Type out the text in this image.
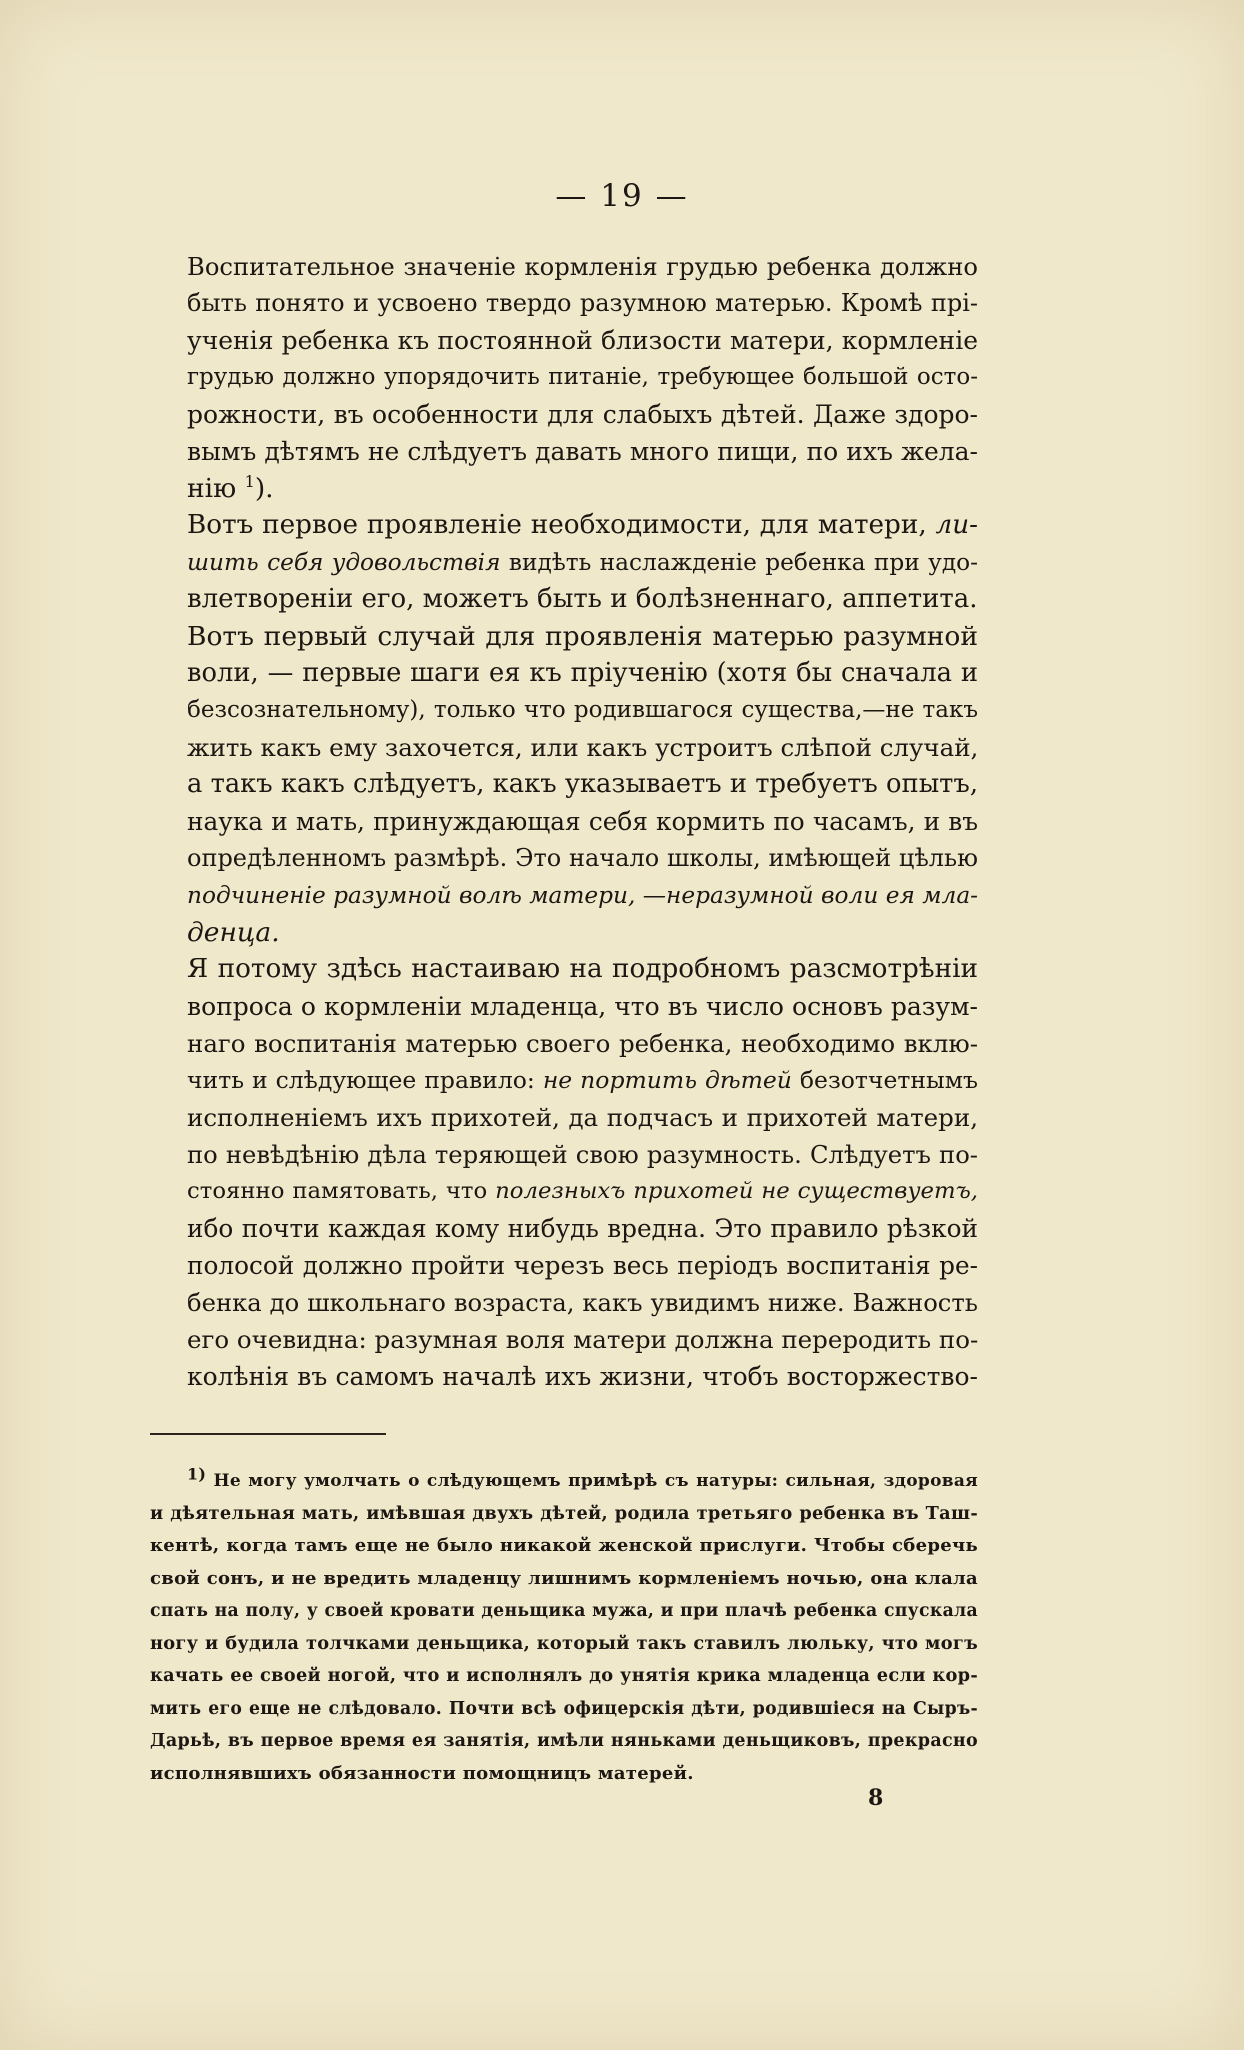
— 19 —

Воспитательное значеніе кормленія грудью ребенка должно
быть понято и усвоено твердо разумною матерью. Кромѣ прі-
ученія ребенка къ постоянной близости матери, кормленіе
грудью должно упорядочить питаніе, требующее большой осто-
рожности, въ особенности для слабыхъ дѣтей. Даже здоро-
вымъ дѣтямъ не слѣдуетъ давать много пищи, по ихъ жела-
нію $^1$).

Вотъ первое проявленіе необходимости, для матери, ли-
шить себя удовольствія видѣть наслажденіе ребенка при удо-
влетвореніи его, можетъ быть и болѣзненнаго, аппетита.

Вотъ первый случай для проявленія матерью разумной
воли, — первые шаги ея къ пріученію (хотя бы сначала и
безсознательному), только что родившагося существа,—не такъ
жить какъ ему захочется, или какъ устроитъ слѣпой случай,
а такъ какъ слѣдуетъ, какъ указываетъ и требуетъ опытъ,
наука и мать, принуждающая себя кормить по часамъ, и въ
опредѣленномъ размѣрѣ. Это начало школы, имѣющей цѣлью
подчиненіе разумной волѣ матери, —неразумной воли ея мла-
денца.

Я потому здѣсь настаиваю на подробномъ разсмотрѣніи
вопроса о кормленіи младенца, что въ число основъ разум-
наго воспитанія матерью своего ребенка, необходимо вклю-
чить и слѣдующее правило: не портить дѣтей безотчетнымъ
исполненіемъ ихъ прихотей, да подчасъ и прихотей матери,
по невѣдѣнію дѣла теряющей свою разумность. Слѣдуетъ по-
стоянно памятовать, что полезныхъ прихотей не существуетъ,
ибо почти каждая кому нибудь вредна. Это правило рѣзкой
полосой должно пройти черезъ весь періодъ воспитанія ре-
бенка до школьнаго возраста, какъ увидимъ ниже. Важность
его очевидна: разумная воля матери должна переродить по-
колѣнія въ самомъ началѣ ихъ жизни, чтобъ восторжество-

$^{1)}$ Не могу умолчать о слѣдующемъ примѣрѣ съ натуры: сильная, здоровая
и дѣятельная мать, имѣвшая двухъ дѣтей, родила третьяго ребенка въ Таш-
кентѣ, когда тамъ еще не было никакой женской прислуги. Чтобы сберечь
свой сонъ, и не вредить младенцу лишнимъ кормленіемъ ночью, она клала
спать на полу, у своей кровати деньщика мужа, и при плачѣ ребенка спускала
ногу и будила толчками деньщика, который такъ ставилъ люльку, что могъ
качать ее своей ногой, что и исполнялъ до унятія крика младенца если кор-
мить его еще не слѣдовало. Почти всѣ офицерскія дѣти, родившіеся на Сыръ-
Дарьѣ, въ первое время ея занятія, имѣли няньками деньщиковъ, прекрасно
исполнявшихъ обязанности помощницъ матерей.
8
